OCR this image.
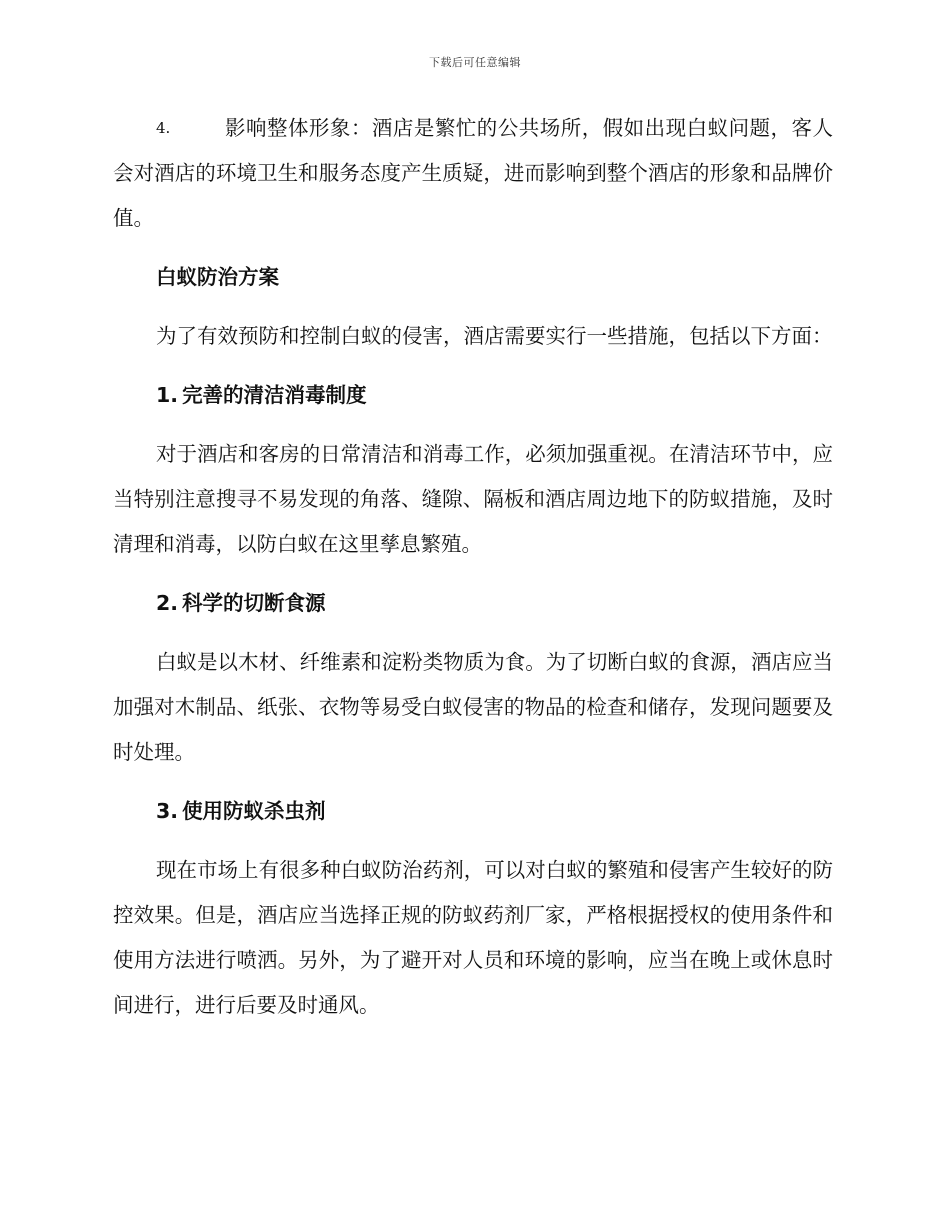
下载后可任意编辑

4.	影响整体形象：酒店是繁忙的公共场所，假如出现白蚁问题，客人会对酒店的环境卫生和服务态度产生质疑，进而影响到整个酒店的形象和品牌价值。

白蚁防治方案

为了有效预防和控制白蚁的侵害，酒店需要实行一些措施，包括以下方面：

1. 完善的清洁消毒制度

对于酒店和客房的日常清洁和消毒工作，必须加强重视。在清洁环节中，应当特别注意搜寻不易发现的角落、缝隙、隔板和酒店周边地下的防蚁措施，及时清理和消毒，以防白蚁在这里孳息繁殖。

2. 科学的切断食源

白蚁是以木材、纤维素和淀粉类物质为食。为了切断白蚁的食源，酒店应当加强对木制品、纸张、衣物等易受白蚁侵害的物品的检查和储存，发现问题要及时处理。

3. 使用防蚁杀虫剂

现在市场上有很多种白蚁防治药剂，可以对白蚁的繁殖和侵害产生较好的防控效果。但是，酒店应当选择正规的防蚁药剂厂家，严格根据授权的使用条件和使用方法进行喷洒。另外，为了避开对人员和环境的影响，应当在晚上或休息时间进行，进行后要及时通风。
